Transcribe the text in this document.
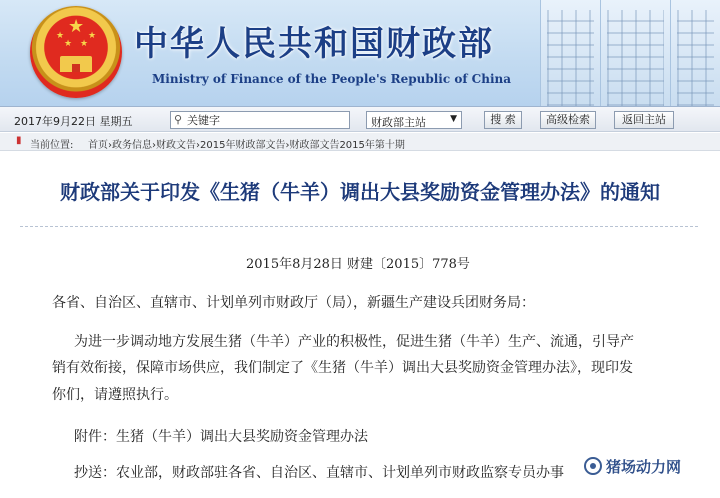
★
★
★ ★
★ 中华人民共和国财政部
Ministry of Finance of the People's Republic of China
2017年9月22日 星期五	⚲
关键字	财政部主站	▼	搜 索	高级检索	返回主站
▮ 当前位置: 首页›政务信息›财政文告›2015年财政部文告›财政部文告2015年第十期
财政部关于印发《生猪（牛羊）调出大县奖励资金管理办法》的通知
2015年8月28日 财建〔2015〕778号
各省、自治区、直辖市、计划单列市财政厅（局），新疆生产建设兵团财务局：
为进一步调动地方发展生猪（牛羊）产业的积极性，促进生猪（牛羊）生产、流通，引导产
销有效衔接，保障市场供应，我们制定了《生猪（牛羊）调出大县奖励资金管理办法》，现印发
你们，请遵照执行。
附件：生猪（牛羊）调出大县奖励资金管理办法
抄送：农业部，财政部驻各省、自治区、直辖市、计划单列市财政监察专员办事	猪场动力网
